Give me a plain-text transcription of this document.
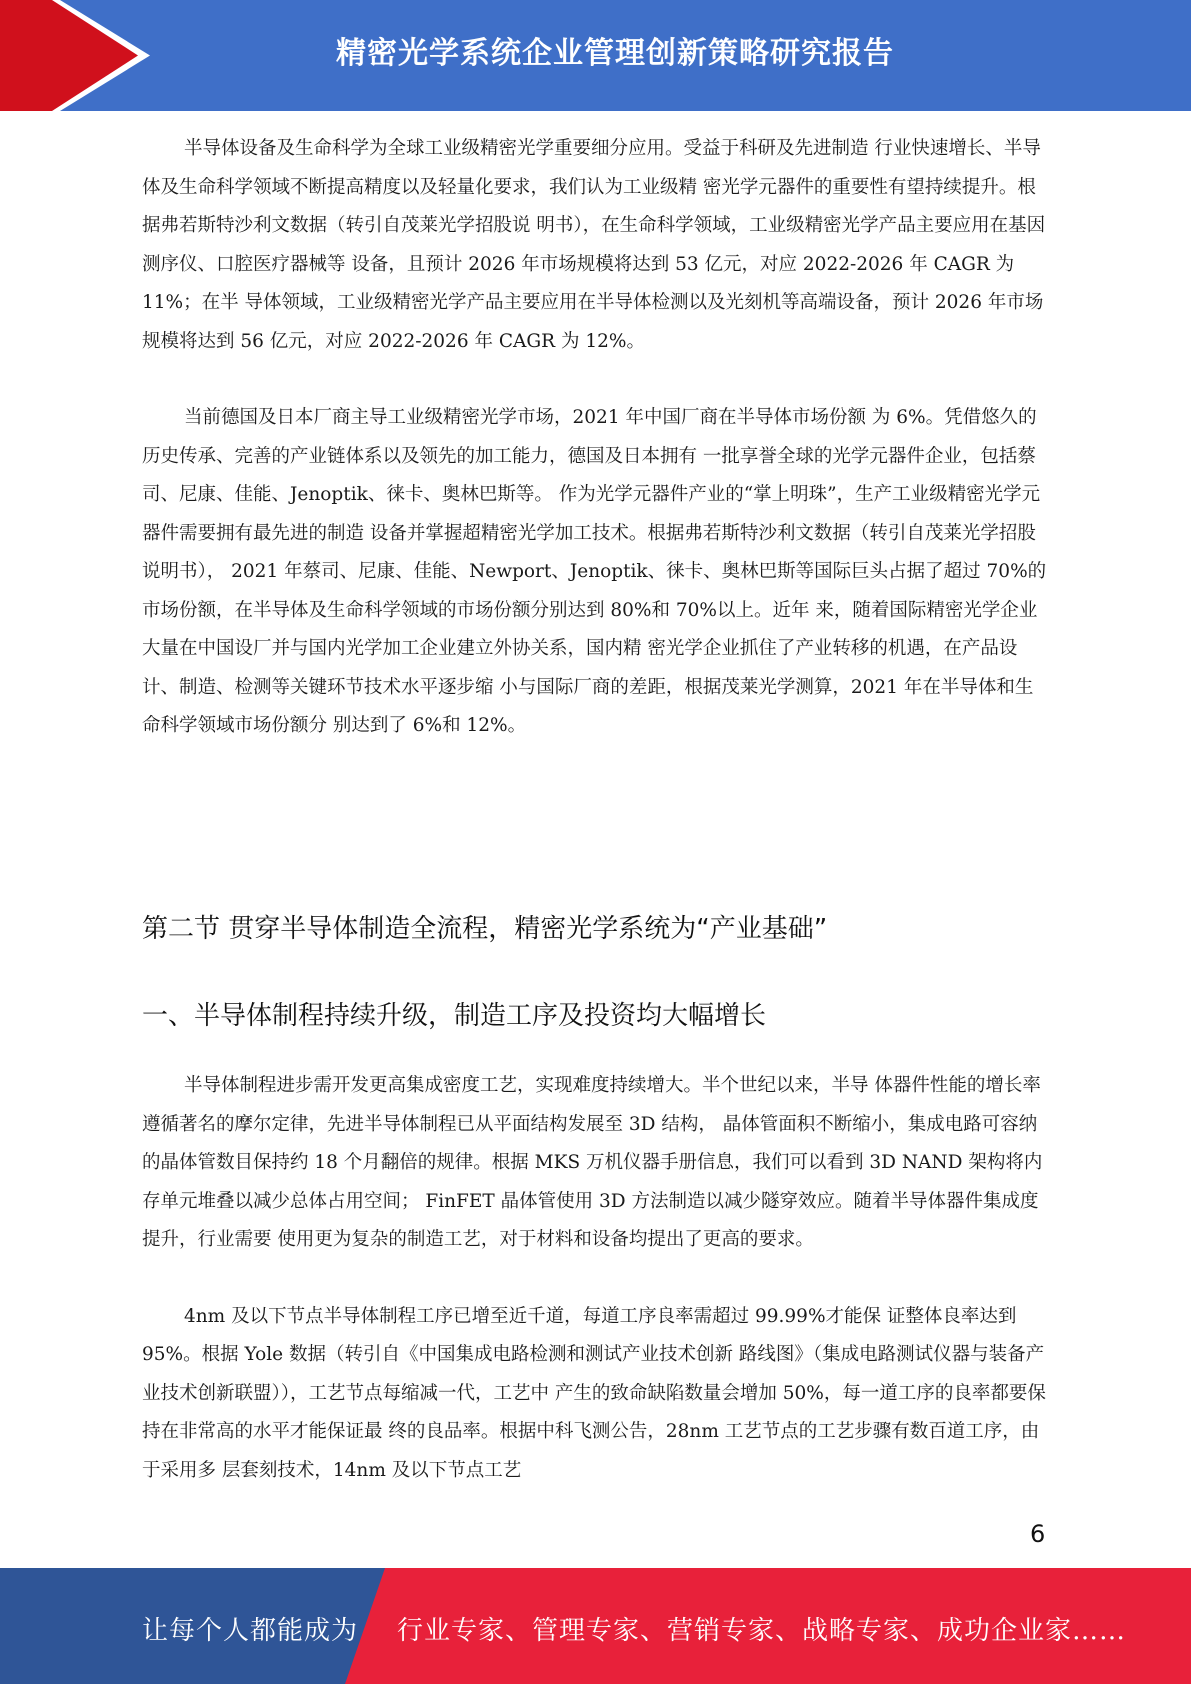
精密光学系统企业管理创新策略研究报告

半导体设备及生命科学为全球工业级精密光学重要细分应用。受益于科研及先进制造 行业快速增长、半导体及生命科学领域不断提高精度以及轻量化要求，我们认为工业级精 密光学元器件的重要性有望持续提升。根据弗若斯特沙利文数据（转引自茂莱光学招股说 明书），在生命科学领域，工业级精密光学产品主要应用在基因测序仪、口腔医疗器械等 设备，且预计 2026 年市场规模将达到 53 亿元，对应 2022-2026 年 CAGR 为 11%；在半 导体领域，工业级精密光学产品主要应用在半导体检测以及光刻机等高端设备，预计 2026 年市场规模将达到 56 亿元，对应 2022-2026 年 CAGR 为 12%。

当前德国及日本厂商主导工业级精密光学市场，2021 年中国厂商在半导体市场份额 为 6%。凭借悠久的历史传承、完善的产业链体系以及领先的加工能力，德国及日本拥有 一批享誉全球的光学元器件企业，包括蔡司、尼康、佳能、Jenoptik、徕卡、奥林巴斯等。 作为光学元器件产业的“掌上明珠”，生产工业级精密光学元器件需要拥有最先进的制造 设备并掌握超精密光学加工技术。根据弗若斯特沙利文数据（转引自茂莱光学招股说明书）， 2021 年蔡司、尼康、佳能、Newport、Jenoptik、徕卡、奥林巴斯等国际巨头占据了超过 70%的市场份额，在半导体及生命科学领域的市场份额分别达到 80%和 70%以上。近年 来，随着国际精密光学企业大量在中国设厂并与国内光学加工企业建立外协关系，国内精 密光学企业抓住了产业转移的机遇，在产品设计、制造、检测等关键环节技术水平逐步缩 小与国际厂商的差距，根据茂莱光学测算，2021 年在半导体和生命科学领域市场份额分 别达到了 6%和 12%。

第二节 贯穿半导体制造全流程，精密光学系统为“产业基础”
一、半导体制程持续升级，制造工序及投资均大幅增长

半导体制程进步需开发更高集成密度工艺，实现难度持续增大。半个世纪以来，半导 体器件性能的增长率遵循著名的摩尔定律，先进半导体制程已从平面结构发展至 3D 结构， 晶体管面积不断缩小，集成电路可容纳的晶体管数目保持约 18 个月翻倍的规律。根据 MKS 万机仪器手册信息，我们可以看到 3D NAND 架构将内存单元堆叠以减少总体占用空间； FinFET 晶体管使用 3D 方法制造以减少隧穿效应。随着半导体器件集成度提升，行业需要 使用更为复杂的制造工艺，对于材料和设备均提出了更高的要求。

4nm 及以下节点半导体制程工序已增至近千道，每道工序良率需超过 99.99%才能保 证整体良率达到 95%。根据 Yole 数据（转引自《中国集成电路检测和测试产业技术创新 路线图》（集成电路测试仪器与装备产业技术创新联盟）），工艺节点每缩减一代，工艺中 产生的致命缺陷数量会增加 50%，每一道工序的良率都要保持在非常高的水平才能保证最 终的良品率。根据中科飞测公告，28nm 工艺节点的工艺步骤有数百道工序，由于采用多 层套刻技术，14nm 及以下节点工艺

6
让每个人都能成为 行业专家、管理专家、营销专家、战略专家、成功企业家……
